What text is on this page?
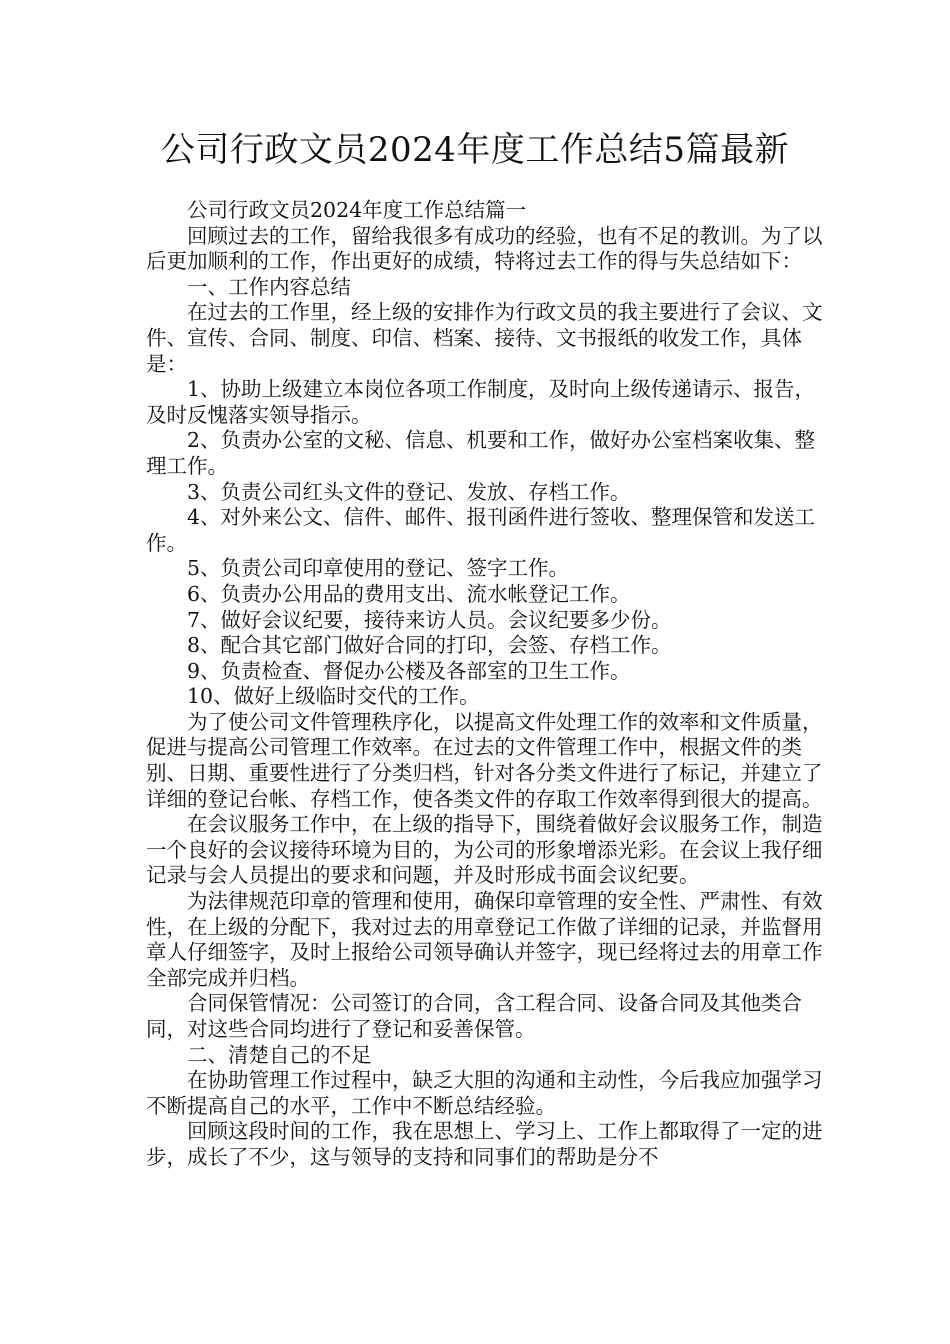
公司行政文员2024年度工作总结5篇最新

公司行政文员2024年度工作总结篇一

回顾过去的工作，留给我很多有成功的经验，也有不足的教训。为了以后更加顺利的工作，作出更好的成绩，特将过去工作的得与失总结如下：

一、工作内容总结

在过去的工作里，经上级的安排作为行政文员的我主要进行了会议、文件、宣传、合同、制度、印信、档案、接待、文书报纸的收发工作，具体是：

1、协助上级建立本岗位各项工作制度，及时向上级传递请示、报告，及时反愧落实领导指示。

2、负责办公室的文秘、信息、机要和工作，做好办公室档案收集、整理工作。

3、负责公司红头文件的登记、发放、存档工作。

4、对外来公文、信件、邮件、报刊函件进行签收、整理保管和发送工作。

5、负责公司印章使用的登记、签字工作。

6、负责办公用品的费用支出、流水帐登记工作。

7、做好会议纪要，接待来访人员。会议纪要多少份。

8、配合其它部门做好合同的打印，会签、存档工作。

9、负责检查、督促办公楼及各部室的卫生工作。

10、做好上级临时交代的工作。

为了使公司文件管理秩序化，以提高文件处理工作的效率和文件质量，促进与提高公司管理工作效率。在过去的文件管理工作中，根据文件的类别、日期、重要性进行了分类归档，针对各分类文件进行了标记，并建立了详细的登记台帐、存档工作，使各类文件的存取工作效率得到很大的提高。

在会议服务工作中，在上级的指导下，围绕着做好会议服务工作，制造一个良好的会议接待环境为目的，为公司的形象增添光彩。在会议上我仔细记录与会人员提出的要求和问题，并及时形成书面会议纪要。

为法律规范印章的管理和使用，确保印章管理的安全性、严肃性、有效性，在上级的分配下，我对过去的用章登记工作做了详细的记录，并监督用章人仔细签字，及时上报给公司领导确认并签字，现已经将过去的用章工作全部完成并归档。

合同保管情况：公司签订的合同，含工程合同、设备合同及其他类合同，对这些合同均进行了登记和妥善保管。

二、清楚自己的不足

在协助管理工作过程中，缺乏大胆的沟通和主动性，今后我应加强学习不断提高自己的水平，工作中不断总结经验。

回顾这段时间的工作，我在思想上、学习上、工作上都取得了一定的进步，成长了不少，这与领导的支持和同事们的帮助是分不
